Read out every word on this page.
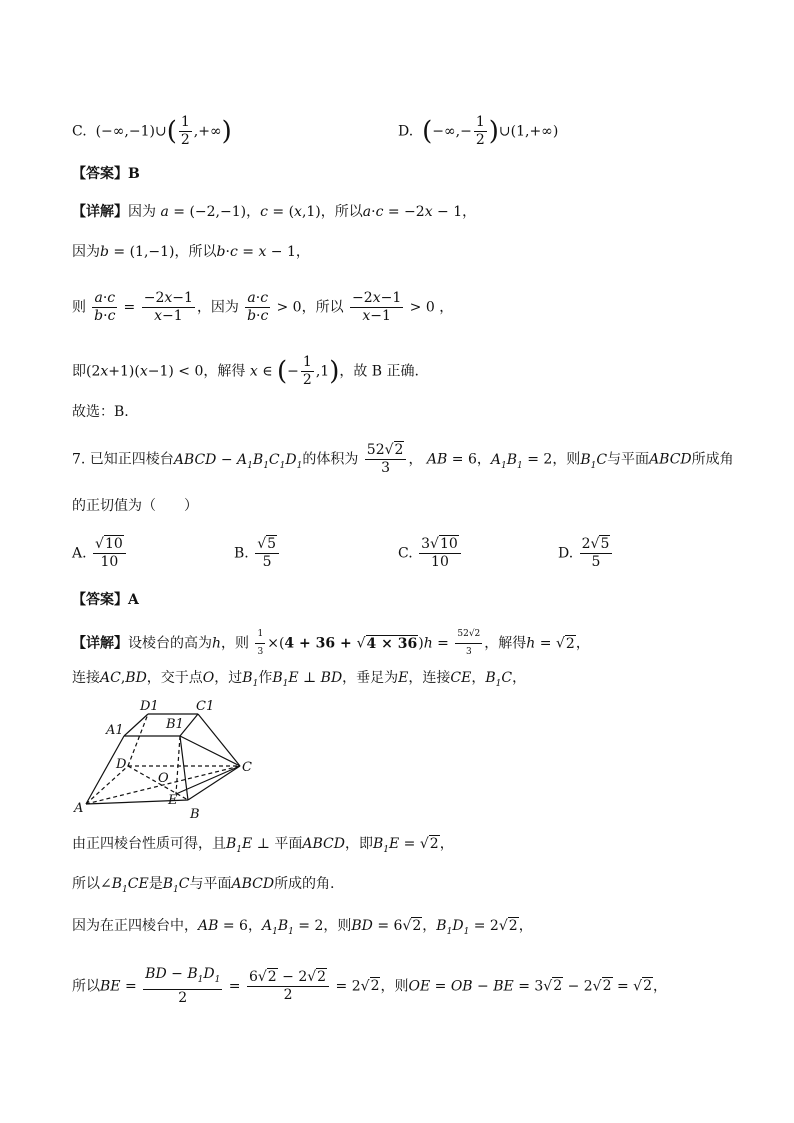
C. (−∞,−1)∪( $\frac{1}{2}$ ,+∞)	D. (−∞,− $\frac{1}{2}$ )∪(1,+∞)
【答案】B
【详解】因为 a = (−2,−1)，c = (x,1)，所以a·c = −2x − 1，
因为b = (1,−1)，所以b·c = x − 1，
则 $\frac{a\cdot c}{b\cdot c} = \frac{-2x-1}{x-1}$ ，因为 $\frac{a\cdot c}{b\cdot c} > 0$，所以 $\frac{-2x-1}{x-1} > 0$ ，
即(2x+1)(x−1) < 0，解得 x ∈ (− $\frac{1}{2} ,1$)，故 B 正确.
故选：B.
7. 已知正四棱台ABCD − $A_1B_1C_1D_1$的体积为 $\frac{52√2}{3}$ ， AB = 6，$A_1B_1 = 2$，则$B_1C$与平面ABCD所成角
的正切值为（　　）
A. $\frac{√10}{10}$	B. $\frac{√5}{5}$	C. $\frac{3√10}{10}$	D. $\frac{2√5}{5}$
【答案】A
【详解】设棱台的高为h，则 $\frac{1}{3} \times(4 + 36 + √4 \times 36)h = \frac{52√2}{3}$ ，解得h = √2，
连接AC,BD，交于点O，过$B_1$作$B_1E$ ⊥ BD，垂足为E，连接CE，$B_1C$，
D1	C1
A1	B1
D	C
O
A
E
B
由正四棱台性质可得，且$B_1E$ ⊥ 平面ABCD，即$B_1E = √2$，
所以$\angle B_1CE$是$B_1C$与平面ABCD所成的角.
因为在正四棱台中，AB = 6，$A_1B_1 = 2$，则BD = 6√2，$B_1D_1 = 2√2$，
所以BE = $\frac{BD - B_1D_1}{2} = \frac{6√2 - 2√2}{2} = 2√2$，则OE = OB − BE = 3√2 − 2√2 = √2，
